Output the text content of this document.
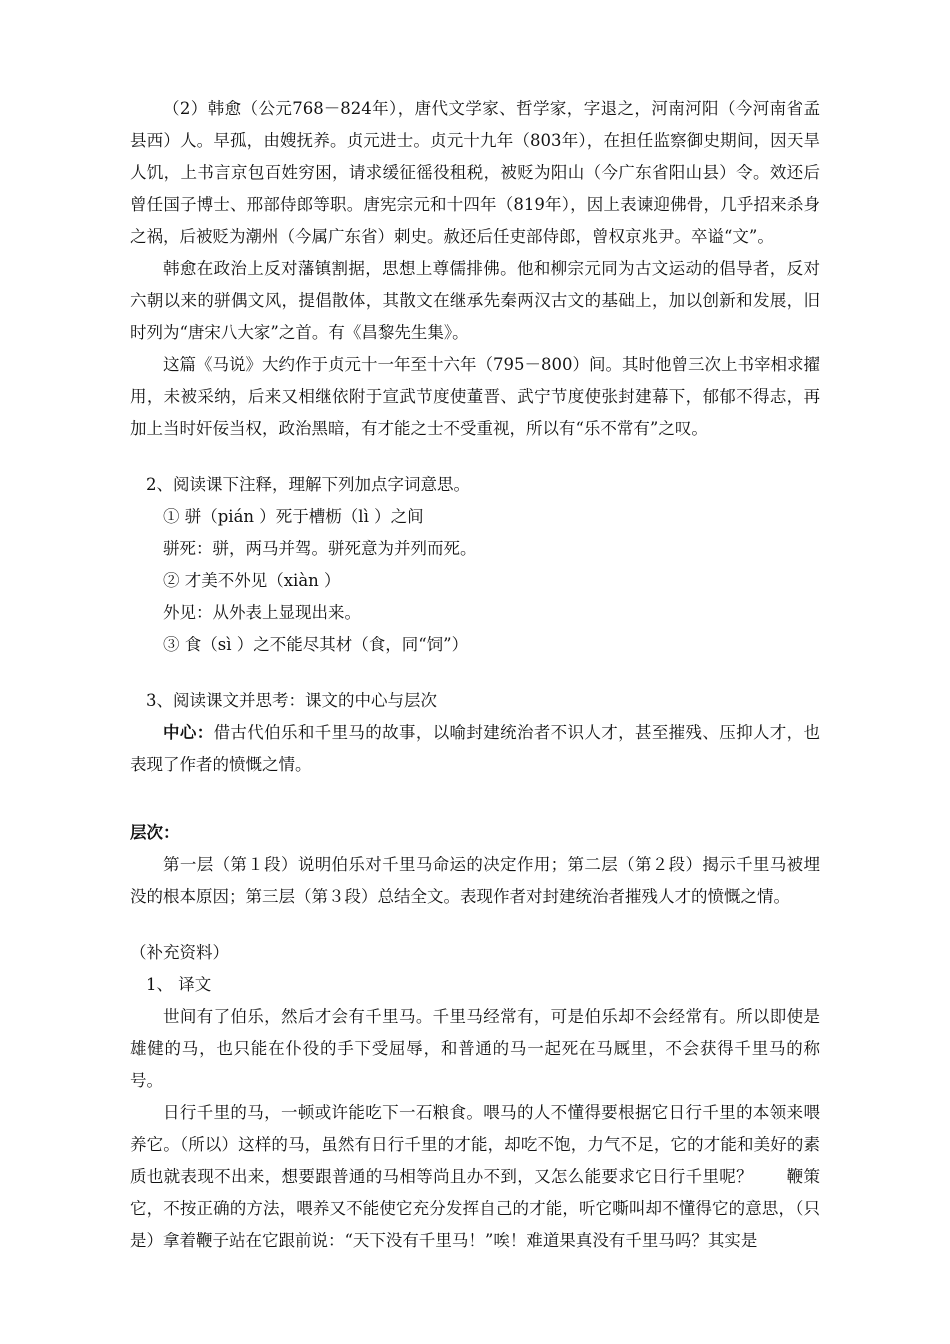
（2）韩愈（公元768－824年），唐代文学家、哲学家，字退之，河南河阳（今河南省孟县西）人。早孤，由嫂抚养。贞元进士。贞元十九年（803年），在担任监察御史期间，因天旱人饥，上书言京包百姓穷困，请求缓征徭役租税，被贬为阳山（今广东省阳山县）令。效还后曾任国子博士、邢部侍郎等职。唐宪宗元和十四年（819年），因上表谏迎佛骨，几乎招来杀身之祸，后被贬为潮州（今属广东省）刺史。赦还后任吏部侍郎，曾权京兆尹。卒谥“文”。

韩愈在政治上反对藩镇割据，思想上尊儒排佛。他和柳宗元同为古文运动的倡导者，反对六朝以来的骈偶文风，提倡散体，其散文在继承先秦两汉古文的基础上，加以创新和发展，旧时列为“唐宋八大家”之首。有《昌黎先生集》。

这篇《马说》大约作于贞元十一年至十六年（795－800）间。其时他曾三次上书宰相求擢用，未被采纳，后来又相继依附于宣武节度使董晋、武宁节度使张封建幕下，郁郁不得志，再加上当时奸佞当权，政治黑暗，有才能之士不受重视，所以有“乐不常有”之叹。

2、阅读课下注释，理解下列加点字词意思。

① 骈（pián ）死于槽枥（lì ）之间

骈死：骈，两马并驾。骈死意为并列而死。

② 才美不外见（xiàn ）

外见：从外表上显现出来。

③ 食（sì ）之不能尽其材（食，同“饲”）

3、阅读课文并思考：课文的中心与层次

中心：借古代伯乐和千里马的故事，以喻封建统治者不识人才，甚至摧残、压抑人才，也表现了作者的愤慨之情。

层次：

第一层（第１段）说明伯乐对千里马命运的决定作用；第二层（第２段）揭示千里马被埋没的根本原因；第三层（第３段）总结全文。表现作者对封建统治者摧残人才的愤慨之情。

（补充资料）

1、 译文

世间有了伯乐，然后才会有千里马。千里马经常有，可是伯乐却不会经常有。所以即使是雄健的马，也只能在仆役的手下受屈辱，和普通的马一起死在马厩里，不会获得千里马的称号。

日行千里的马，一顿或许能吃下一石粮食。喂马的人不懂得要根据它日行千里的本领来喂养它。（所以）这样的马，虽然有日行千里的才能，却吃不饱，力气不足，它的才能和美好的素质也就表现不出来，想要跟普通的马相等尚且办不到，又怎么能要求它日行千里呢？　　鞭策它，不按正确的方法，喂养又不能使它充分发挥自己的才能，听它嘶叫却不懂得它的意思，（只是）拿着鞭子站在它跟前说：“天下没有千里马！”唉！难道果真没有千里马吗？其实是
